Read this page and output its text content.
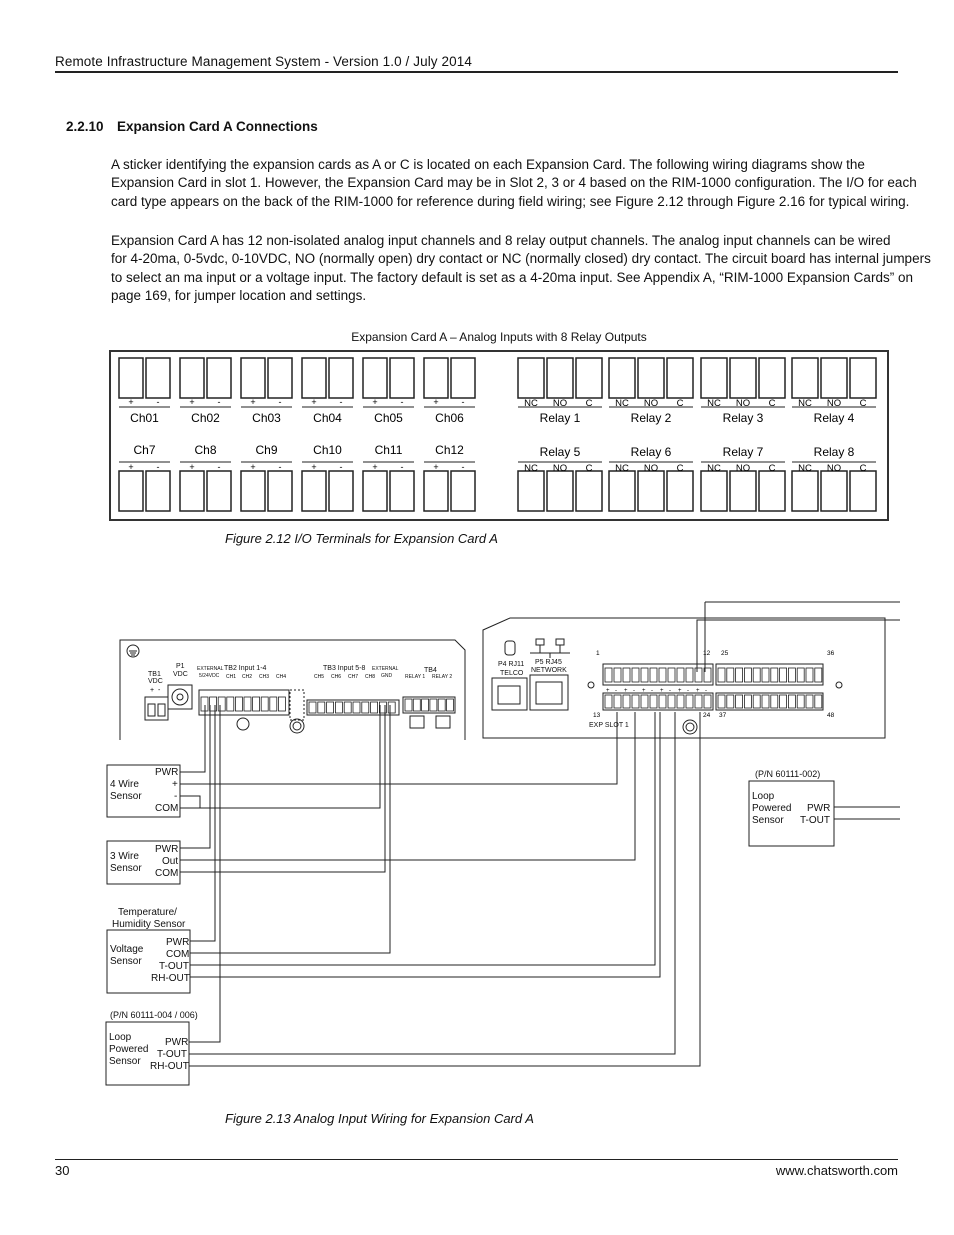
Remote Infrastructure Management System - Version 1.0 / July 2014
2.2.10 Expansion Card A Connections
A sticker identifying the expansion cards as A or C is located on each Expansion Card. The following wiring diagrams show the
Expansion Card in slot 1. However, the Expansion Card may be in Slot 2, 3 or 4 based on the RIM-1000 configuration. The I/O for each
card type appears on the back of the RIM-1000 for reference during field wiring; see Figure 2.12 through Figure 2.16 for typical wiring.
Expansion Card A has 12 non-isolated analog input channels and 8 relay output channels. The analog input channels can be wired
for 4-20ma, 0-5vdc, 0-10VDC, NO (normally open) dry contact or NC (normally closed) dry contact. The circuit board has internal jumpers
to select an ma input or a voltage input. The factory default is set as a 4-20ma input. See Appendix A, “RIM-1000 Expansion Cards” on
page 169, for jumper location and settings.
Expansion Card A – Analog Inputs with 8 Relay Outputs
+
+
-
-
Ch01
Ch7
+
+
-
-
Ch02
Ch8
+
+
-
-
Ch03
Ch9
+
+
-
-
Ch04
Ch10
+
+
-
-
Ch05
Ch11
+
+
-
-
Ch06
Ch12
NC
NC
NO
NO
C
C
Relay 1
Relay 5
NC
NC
NO
NO
C
C
Relay 2
Relay 6
NC
NC
NO
NO
C
C
Relay 3
Relay 7
NC
NC
NO
NO
C
C
Relay 4
Relay 8
Figure 2.12 I/O Terminals for Expansion Card A
CH1 CH2 CH3 CH4	CH5 CH6 CH7 CH8
+ - + - + - + - + - + -
1	12 25	36
13	24 37	48
+ -
TB1
VDC
P1
VDC
TB2 Input 1-4	TB3 Input 5-8	TB4
P4 RJ11
TELCO
P5 RJ45
NETWORK
EXP SLOT 1
EXTERNAL
5/24VDC
EXTERNAL
GND	RELAY 1 RELAY 2
(P/N 60111-002)
(P/N 60111-004 / 006)
Loop
Powered
Sensor
PWR
T-OUT
4 Wire
Sensor
PWR
+
-
COM
3 Wire
Sensor
PWR
Out
COM
Temperature/
Humidity Sensor
Voltage
Sensor
PWR
COM
T-OUT
RH-OUT
Loop
Powered
Sensor
PWR
T-OUT
RH-OUT
Figure 2.13 Analog Input Wiring for Expansion Card A
30	www.chatsworth.com
